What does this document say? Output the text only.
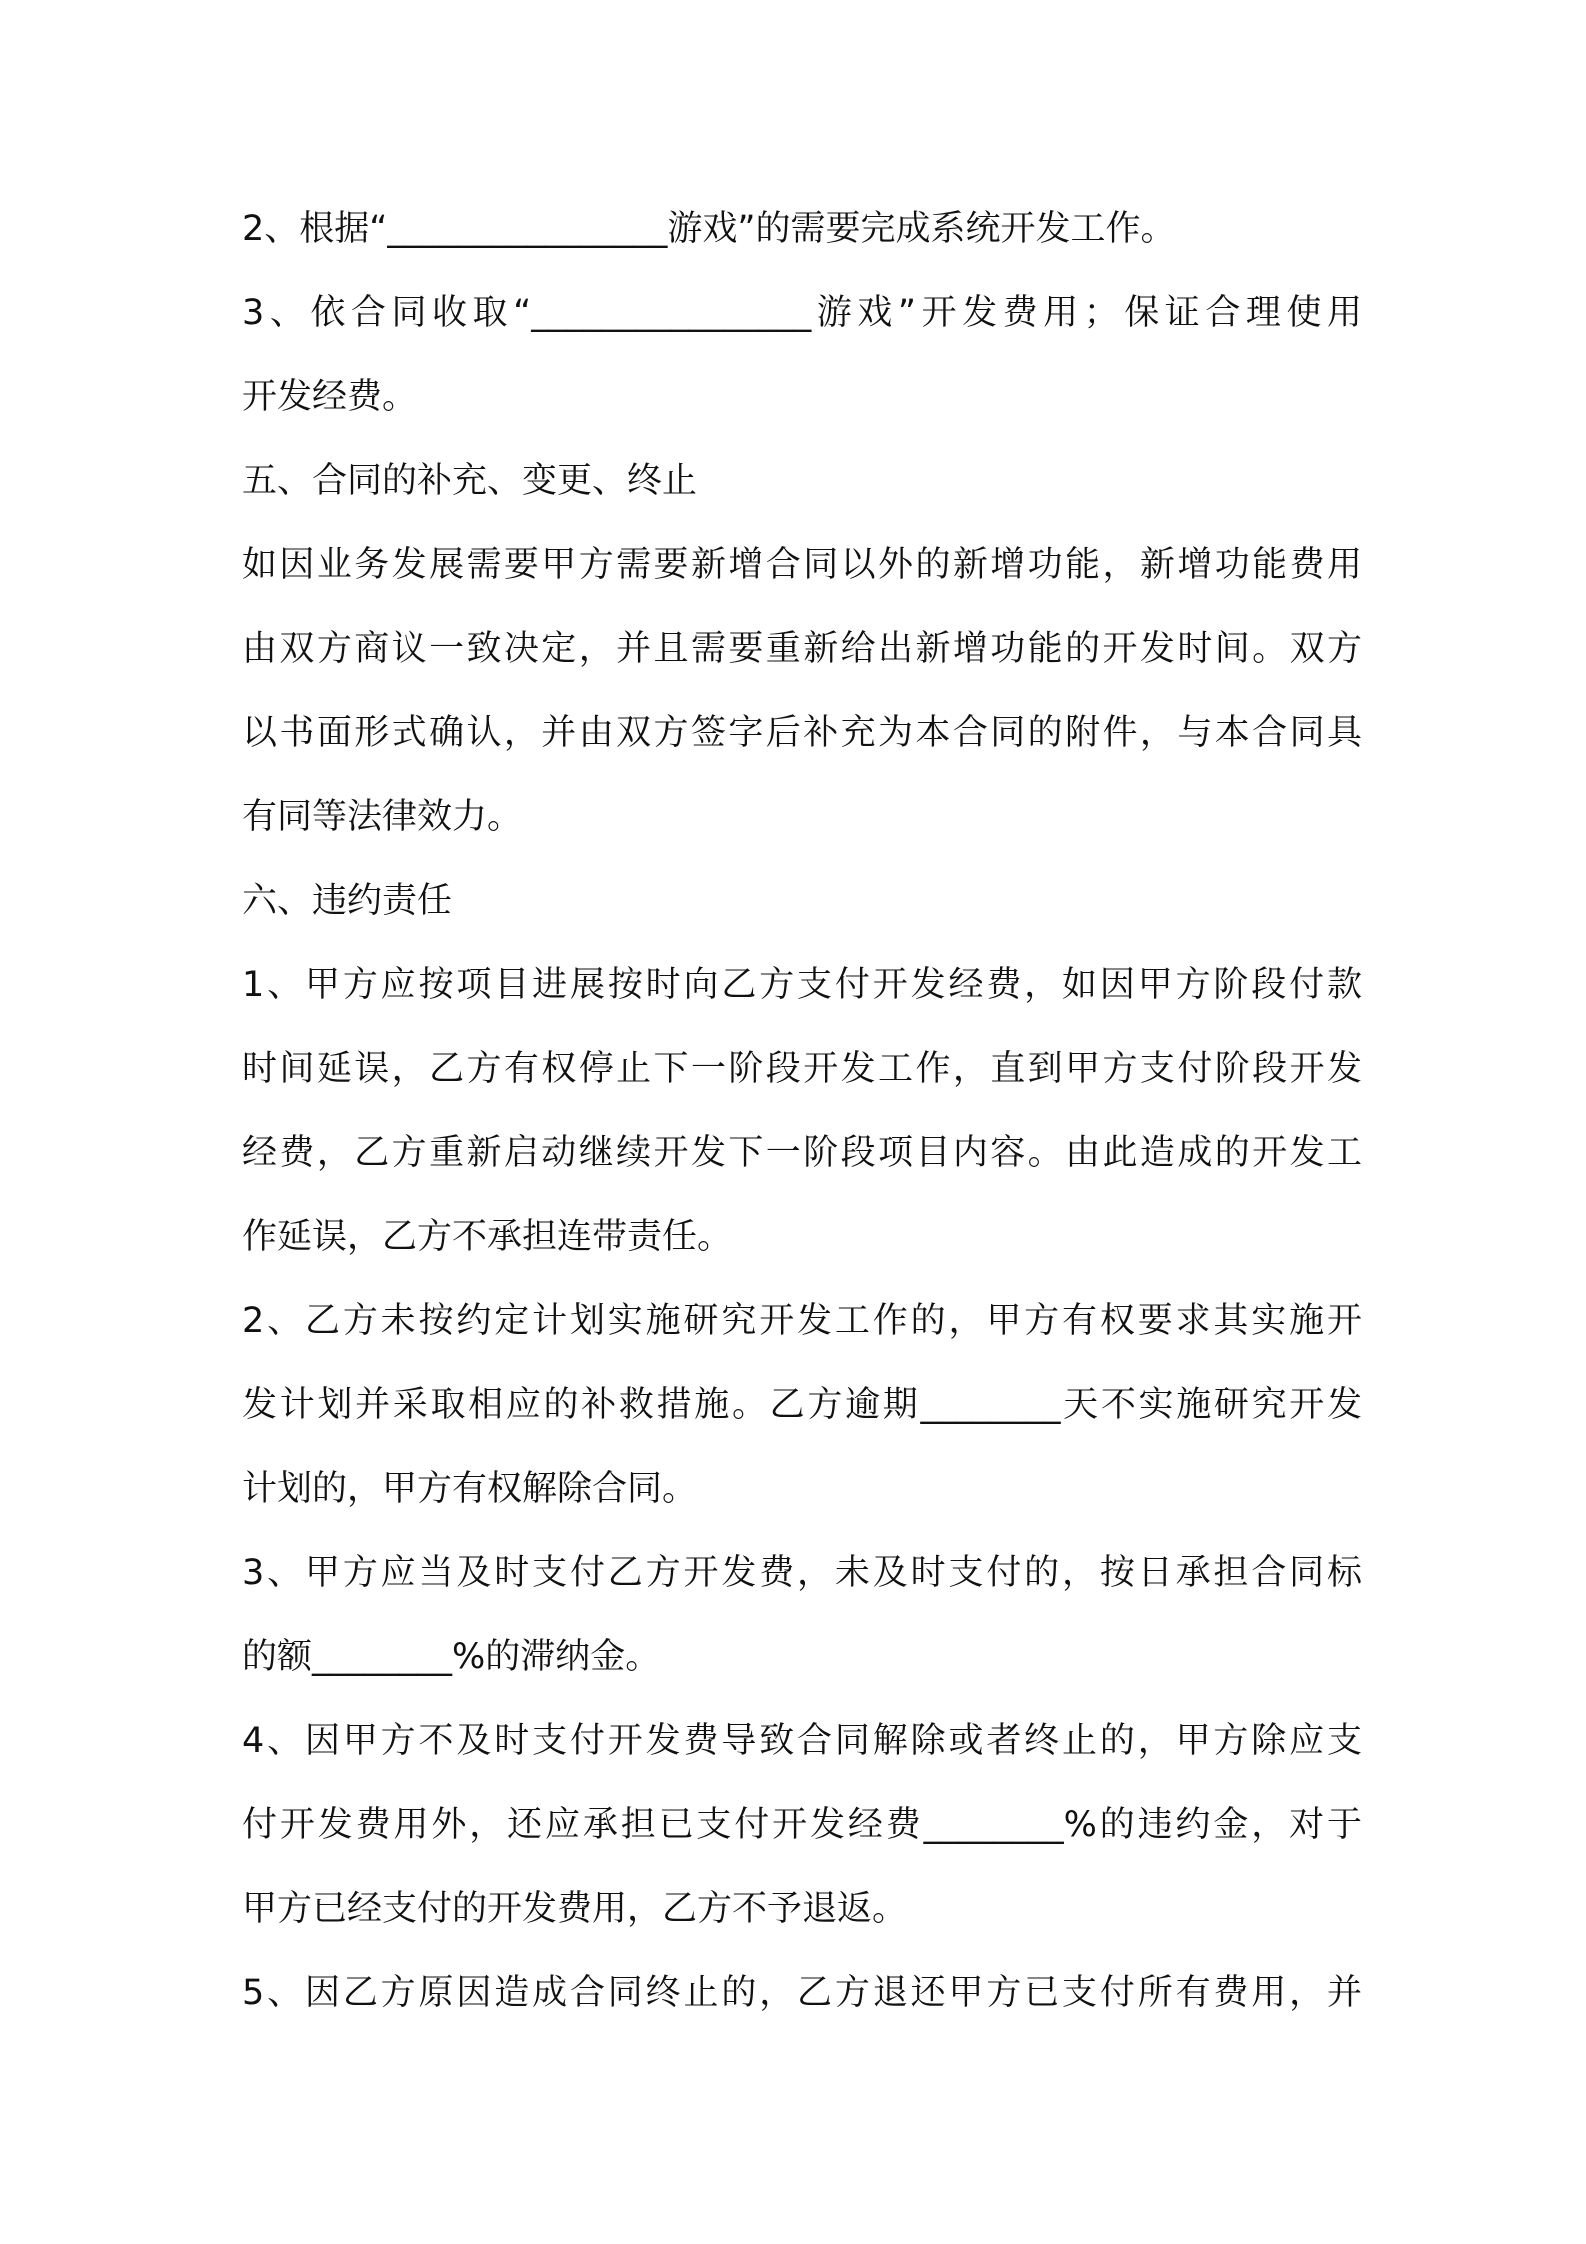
2、根据“________________游戏”的需要完成系统开发工作。
3、依合同收取“________________游戏”开发费用；保证合理使用
开发经费。
五、合同的补充、变更、终止
如因业务发展需要甲方需要新增合同以外的新增功能，新增功能费用
由双方商议一致决定，并且需要重新给出新增功能的开发时间。双方
以书面形式确认，并由双方签字后补充为本合同的附件，与本合同具
有同等法律效力。
六、违约责任
1、甲方应按项目进展按时向乙方支付开发经费，如因甲方阶段付款
时间延误，乙方有权停止下一阶段开发工作，直到甲方支付阶段开发
经费，乙方重新启动继续开发下一阶段项目内容。由此造成的开发工
作延误，乙方不承担连带责任。
2、乙方未按约定计划实施研究开发工作的，甲方有权要求其实施开
发计划并采取相应的补救措施。乙方逾期________天不实施研究开发
计划的，甲方有权解除合同。
3、甲方应当及时支付乙方开发费，未及时支付的，按日承担合同标
的额________%的滞纳金。
4、因甲方不及时支付开发费导致合同解除或者终止的，甲方除应支
付开发费用外，还应承担已支付开发经费________%的违约金，对于
甲方已经支付的开发费用，乙方不予退返。
5、因乙方原因造成合同终止的，乙方退还甲方已支付所有费用，并
